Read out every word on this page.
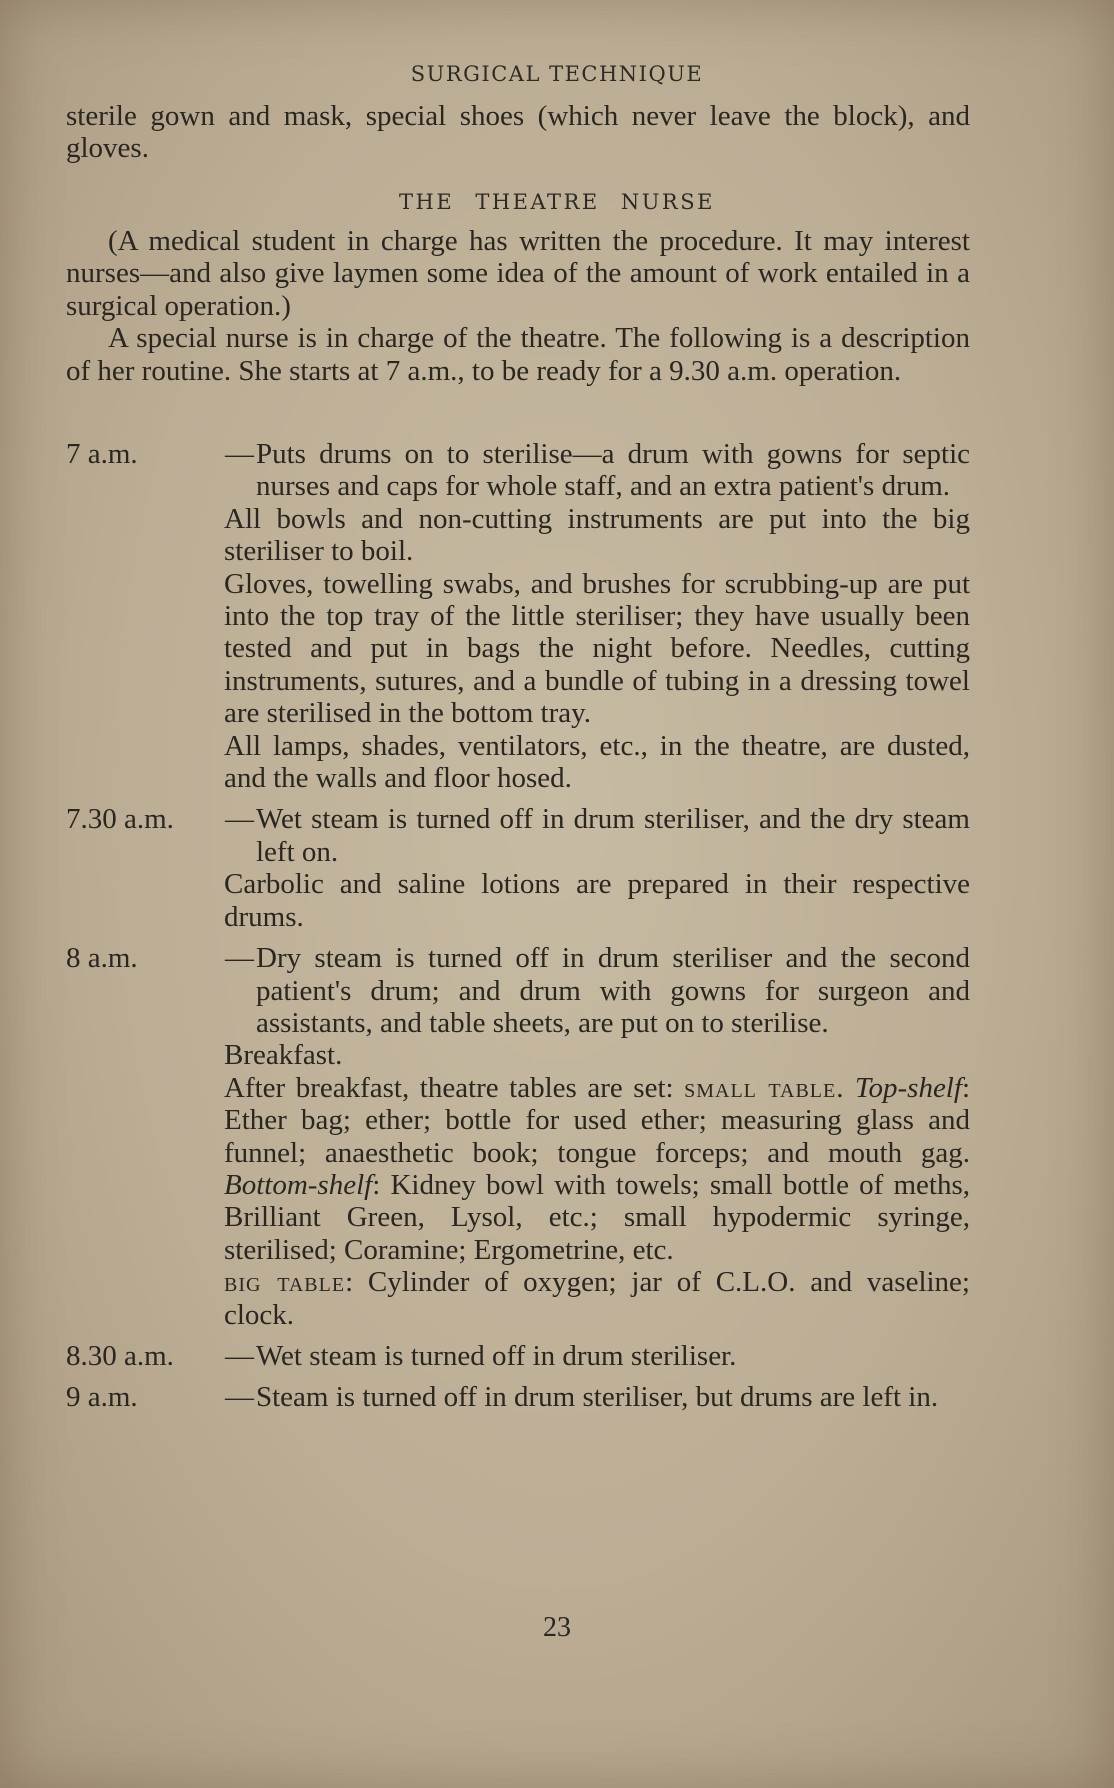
SURGICAL TECHNIQUE

sterile gown and mask, special shoes (which never leave the block), and gloves.

THE THEATRE NURSE

(A medical student in charge has written the procedure. It may interest nurses—and also give laymen some idea of the amount of work entailed in a surgical operation.)

A special nurse is in charge of the theatre. The following is a description of her routine. She starts at 7 a.m., to be ready for a 9.30 a.m. operation.

7 a.m.	— Puts drums on to sterilise—a drum with gowns for septic nurses and caps for whole staff, and an extra patient's drum.

All bowls and non-cutting instruments are put into the big steriliser to boil.

Gloves, towelling swabs, and brushes for scrubbing-up are put into the top tray of the little steriliser; they have usually been tested and put in bags the night before. Needles, cutting instruments, sutures, and a bundle of tubing in a dressing towel are sterilised in the bottom tray.

All lamps, shades, ventilators, etc., in the theatre, are dusted, and the walls and floor hosed.

7.30 a.m.	— Wet steam is turned off in drum steriliser, and the dry steam left on.

Carbolic and saline lotions are prepared in their respective drums.

8 a.m.	— Dry steam is turned off in drum steriliser and the second patient's drum; and drum with gowns for surgeon and assistants, and table sheets, are put on to sterilise.

Breakfast.

After breakfast, theatre tables are set: small table. Top-shelf: Ether bag; ether; bottle for used ether; measuring glass and funnel; anaesthetic book; tongue forceps; and mouth gag. Bottom-shelf: Kidney bowl with towels; small bottle of meths, Brilliant Green, Lysol, etc.; small hypodermic syringe, sterilised; Coramine; Ergometrine, etc.

big table: Cylinder of oxygen; jar of C.L.O. and vaseline; clock.

8.30 a.m.	— Wet steam is turned off in drum steriliser.
9 a.m.	— Steam is turned off in drum steriliser, but drums are left in.
23
